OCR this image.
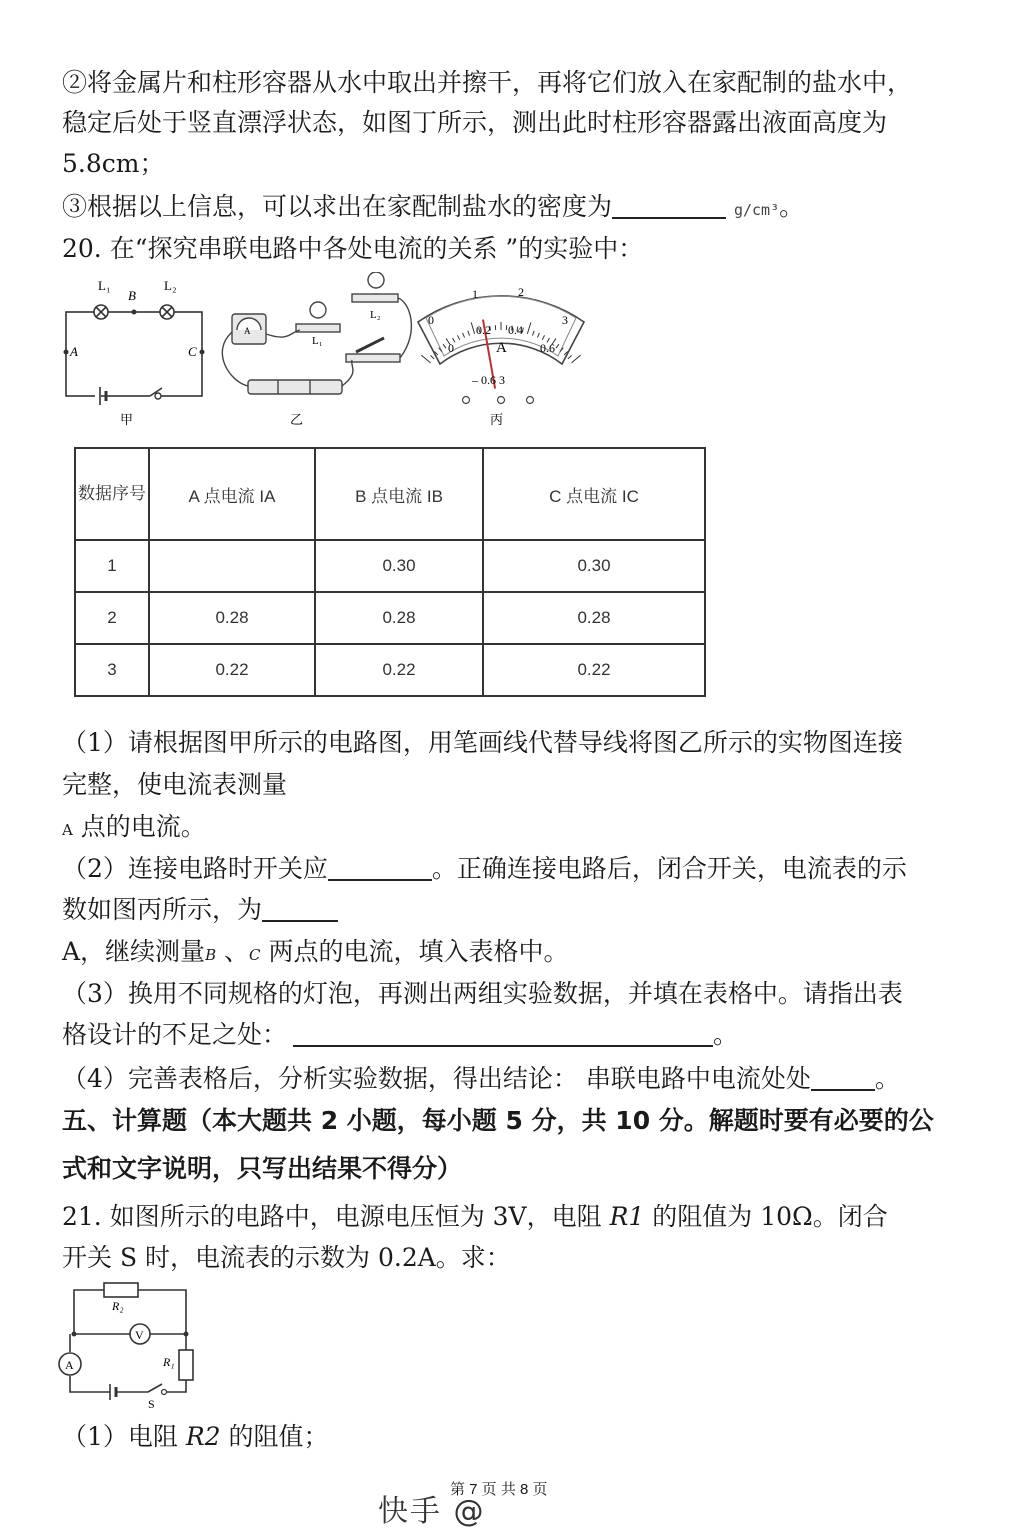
②将金属片和柱形容器从水中取出并擦干，再将它们放入在家配制的盐水中，
稳定后处于竖直漂浮状态，如图丁所示，测出此时柱形容器露出液面高度为
5.8cm；
③根据以上信息，可以求出在家配制盐水的密度为	g/cm³。
20. 在“探究串联电路中各处电流的关系 ”的实验中：
L₁	L₂
B
A	C
甲
A
L₁
L₂
乙
0
1	2
3
0
0.2 0.4
0.6
A
– 0.6 3
丙
数据序号	A 点电流 IA	B 点电流 IB	C 点电流 IC
1		0.30	0.30
2	0.28	0.28	0.28
3	0.22	0.22	0.22
（1）请根据图甲所示的电路图，用笔画线代替导线将图乙所示的实物图连接
完整，使电流表测量
A 点的电流。
（2）连接电路时开关应	。正确连接电路后，闭合开关，电流表的示
数如图丙所示，为
A，继续测量B 、C 两点的电流，填入表格中。
（3）换用不同规格的灯泡，再测出两组实验数据，并填在表格中。请指出表
格设计的不足之处：	。
（4）完善表格后，分析实验数据，得出结论： 串联电路中电流处处	。
五、计算题（本大题共 2 小题，每小题 5 分，共 10 分。解题时要有必要的公
式和文字说明，只写出结果不得分）
21. 如图所示的电路中，电源电压恒为 3V，电阻 R1 的阻值为 10Ω。闭合
开关 S 时，电流表的示数为 0.2A。求：
R₂
V
A	R₁
S
（1）电阻 R2 的阻值；
第 7 页 共 8 页
快手 @
